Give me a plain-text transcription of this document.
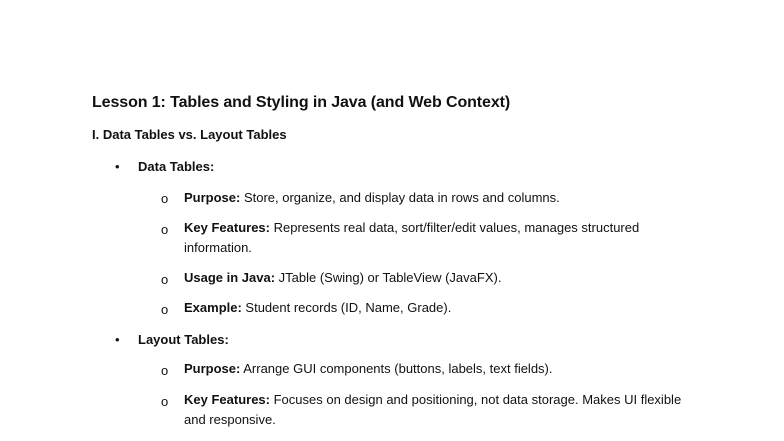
Lesson 1: Tables and Styling in Java (and Web Context)
I. Data Tables vs. Layout Tables
• Data Tables:
o Purpose: Store, organize, and display data in rows and columns.
o Key Features: Represents real data, sort/filter/edit values, manages structured information.
o Usage in Java: JTable (Swing) or TableView (JavaFX).
o Example: Student records (ID, Name, Grade).
• Layout Tables:
o Purpose: Arrange GUI components (buttons, labels, text fields).
o Key Features: Focuses on design and positioning, not data storage. Makes UI flexible and responsive.
